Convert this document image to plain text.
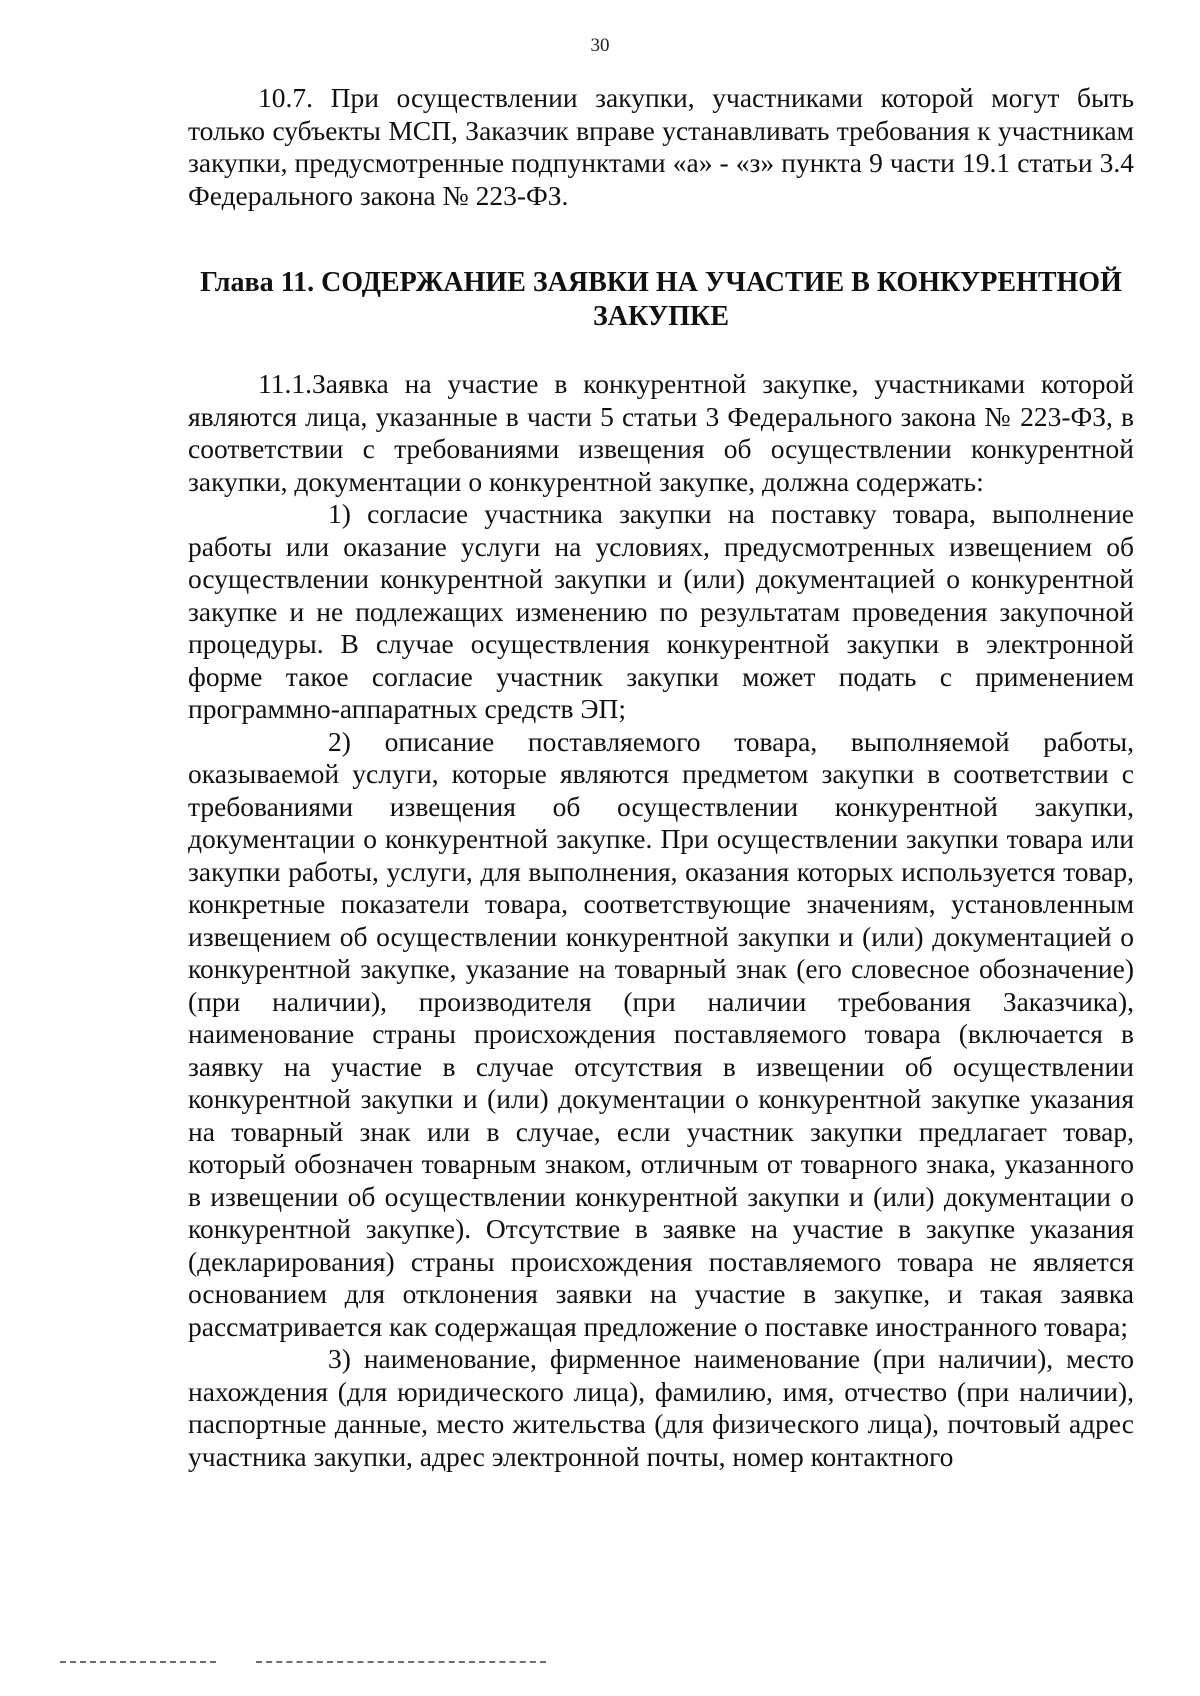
30

10.7. При осуществлении закупки, участниками которой могут быть только субъекты МСП, Заказчик вправе устанавливать требования к участникам закупки, предусмотренные подпунктами «а» - «з» пункта 9 части 19.1 статьи 3.4 Федерального закона № 223-ФЗ.

Глава 11. СОДЕРЖАНИЕ ЗАЯВКИ НА УЧАСТИЕ В КОНКУРЕНТНОЙ
ЗАКУПКЕ

11.1.Заявка на участие в конкурентной закупке, участниками которой являются лица, указанные в части 5 статьи 3 Федерального закона № 223-ФЗ, в соответствии с требованиями извещения об осуществлении конкурентной закупки, документации о конкурентной закупке, должна содержать:

1) согласие участника закупки на поставку товара, выполнение работы или оказание услуги на условиях, предусмотренных извещением об осуществлении конкурентной закупки и (или) документацией о конкурентной закупке и не подлежащих изменению по результатам проведения закупочной процедуры. В случае осуществления конкурентной закупки в электронной форме такое согласие участник закупки может подать с применением программно-аппаратных средств ЭП;

2) описание поставляемого товара, выполняемой работы, оказываемой услуги, которые являются предметом закупки в соответствии с требованиями извещения об осуществлении конкурентной закупки, документации о конкурентной закупке. При осуществлении закупки товара или закупки работы, услуги, для выполнения, оказания которых используется товар, конкретные показатели товара, соответствующие значениям, установленным извещением об осуществлении конкурентной закупки и (или) документацией о конкурентной закупке, указание на товарный знак (его словесное обозначение) (при наличии), производителя (при наличии требования Заказчика), наименование страны происхождения поставляемого товара (включается в заявку на участие в случае отсутствия в извещении об осуществлении конкурентной закупки и (или) документации о конкурентной закупке указания на товарный знак или в случае, если участник закупки предлагает товар, который обозначен товарным знаком, отличным от товарного знака, указанного в извещении об осуществлении конкурентной закупки и (или) документации о конкурентной закупке). Отсутствие в заявке на участие в закупке указания (декларирования) страны происхождения поставляемого товара не является основанием для отклонения заявки на участие в закупке, и такая заявка рассматривается как содержащая предложение о поставке иностранного товара;

3) наименование, фирменное наименование (при наличии), место нахождения (для юридического лица), фамилию, имя, отчество (при наличии), паспортные данные, место жительства (для физического лица), почтовый адрес участника закупки, адрес электронной почты, номер контактного
